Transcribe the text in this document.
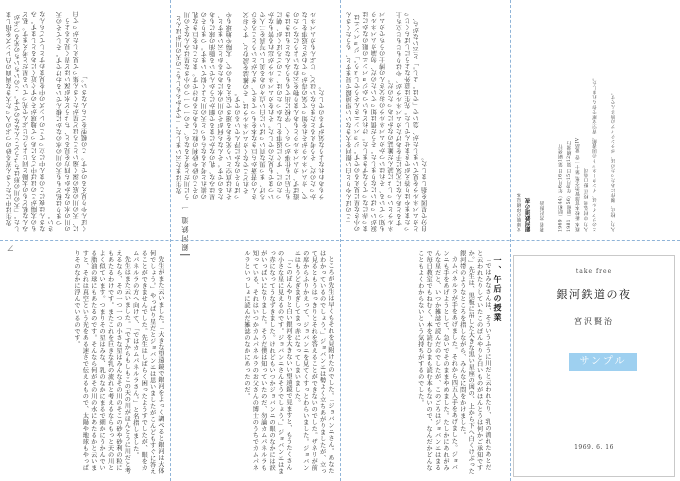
先生は中にたくさん光る砂のつぶの入った大きな両面の凸レンズを指しました。「天の川の形はちょうどこんななのです。このいちいちの光るつぶがみんな私どもの太陽と同じようにじぶんで光っている星だと考えます。私どもの太陽がこのほぼ中ごろにあって地球がそのすぐ近くにあるとします。みなさんは夜にこのまん中に立ってこのレンズの中を見まわすとしてごらんなさい。 つまりは私どもも天の川の水のなかに棲んでいるわけです。そしてその天の川の水のなかから四方を見ると、ちょうど水が深いほど青く見えるように、天の川の底の深く遠いところほど星がたくさん集って見えしたがって白くぼんやり見えるのです。この模型をごらんなさい。」	先生はまた云いました。「ですからもしもこの天の川がほんとうに川だと考えるなら、その一つ一つの小さな星はみんなその川のそこの砂や砂利の粒にもあたるわけです。またこれを巨きな乳の流れと考えるならもっと天の川とよく似ています。つまりその星はみな、乳のなかにまるで細かにうかんでいる脂油の球にもあたるのです。そんなら何がその川の水にあたるかと云いますと、それは真空という光をある速さで伝えるもので、太陽や地球もやっぱりそのなかに浮んでいるのです。 それどこでなくカムパネルラは、その雑誌を読むと、すぐお父さんの書斎から巨きな本をもってきて、ぎんがというところをひろげ、まっ黒な頁いっぱいに白い点々のある美しい写真を二人でいつまでも見たのでした。それをカムパネルラが忘れる筈もなかったのに、すぐに返事をしなかったのは、このごろぼくが、朝にも午后にも仕事がつらく、学校に出てももうみんなともはきはき遊ばず、カムパネルラともあんまり物を云わないようになったので、カムパネルラがそれを知って気の毒がってわざと返事をしなかったのだ、そう考えるとたまらないほど、じぶんもカムパネルラもあわれなような気がするのでした。

銀河鉄道 一	「このぼんやりと白い銀河を大きないい望遠鏡で見ますと、もうたくさんの小さな星に見えるのです。ジョバンニさんそうでしょう。」ジョバンニはまっ赤になってうなずきました。けれどもいつかジョバンニの眼のなかには涙がいっぱいになりました。そうだ僕は知っていたのだ、勿論カムパネルラも知っている、それはいつかカムパネルラのお父さんの博士のうちでカムパネルラといっしょに読んだ雑誌のなかにあったのだ。 するとあんなに元気に手をあげたカムパネルラが、やはりもじもじ立ち上ったままやはり答えができませんでした。先生は意外なようにしばらくじっとカムパネルラを見ていましたが、急いで「では。よし。」と云いながら、自分で星図を指しました。	文庫版の印刷見本 銀河鉄道の夜	著者 宮沢賢治	1969（昭和44）年6月16日 第1刷発行 1981（昭和56）年8月15日 第12刷発行 底本 新校本宮澤賢治全集 第十一巻 童話IV 入力 中村弘美 校正 野口英司 このファイルは、インターネットの図書館、青空文庫で作られました。	入力、校正、制作にあたったのは、ボランティアの皆さんです。

先生がまた云いました。「大きな望遠鏡で銀河をよっく調べると銀河は大体何でしょう。」やっぱり星だとジョバンニは思いましたがこんどもすぐに答えることができませんでした。先生はしばらく困ったようすでしたが、眼をカムパネルラの方へ向けて、「ではカムパネルラさん。」と名指しました。

先生はまた云いました。「ですからもしもこの天の川がほんとうに川だと考えるなら、その一つ一つの小さな星はみんなその川のそこの砂や砂利の粒にもあたるわけです。またこれを巨きな乳の流れと考えるならもっと天の川とよく似ています。つまりその星はみな、乳のなかにまるで細かにうかんでいる脂油の球にもあたるのです。そんなら何がその川の水にあたるかと云いますと、それは真空という光をある速さで伝えるもので、太陽や地球もやっぱりそのなかに浮んでいるのです。	ところが先生は早くもそれを見附けたのでした。「ジョバンニさん。あなたはわかっているのでしょう。」ジョバンニは勢よく立ちあがりましたが、立って見るともうはっきりとそれを答えることができないのでした。ザネリが前の席からふりかえって、ジョバンニを見てくすっとわらいました。ジョバンニはもうどぎまぎしてまっ赤になってしまいました。

「このぼんやりと白い銀河を大きないい望遠鏡で見ますと、もうたくさんの小さな星に見えるのです。ジョバンニさんそうでしょう。」ジョバンニはまっ赤になってうなずきました。けれどもいつかジョバンニの眼のなかには涙がいっぱいになりました。そうだ僕は知っていたのだ、勿論カムパネルラも知っている、それはいつかカムパネルラのお父さんの博士のうちでカムパネルラといっしょに読んだ雑誌のなかにあったのだ。	「ではみなさんは、そういうふうに川だと云われたり、乳の流れたあとだと云われたりしていたこのぼんやりと白いものがほんとうは何かご承知ですか。」先生は、黒板に吊した大きな黒い星座の図の、上から下へ白くけぶった銀河帯のようなところを指しながら、みんなに問をかけました。

カムパネルラが手をあげました。それから四五人手をあげました。ジョバンニも手をあげようとして、急いでそのままやめました。たしかにあれがみんな星だと、いつか雑誌で読んだのでしたが、このごろはジョバンニはまるで毎日教室でもねむく、本を読むひまも読む本もないので、なんだかどんなこともよくわからないという気持ちがするのでした。	一、午后の授業
∠
take free
銀河鉄道の夜
宮沢賢治
サンプル
1969. 6. 16
